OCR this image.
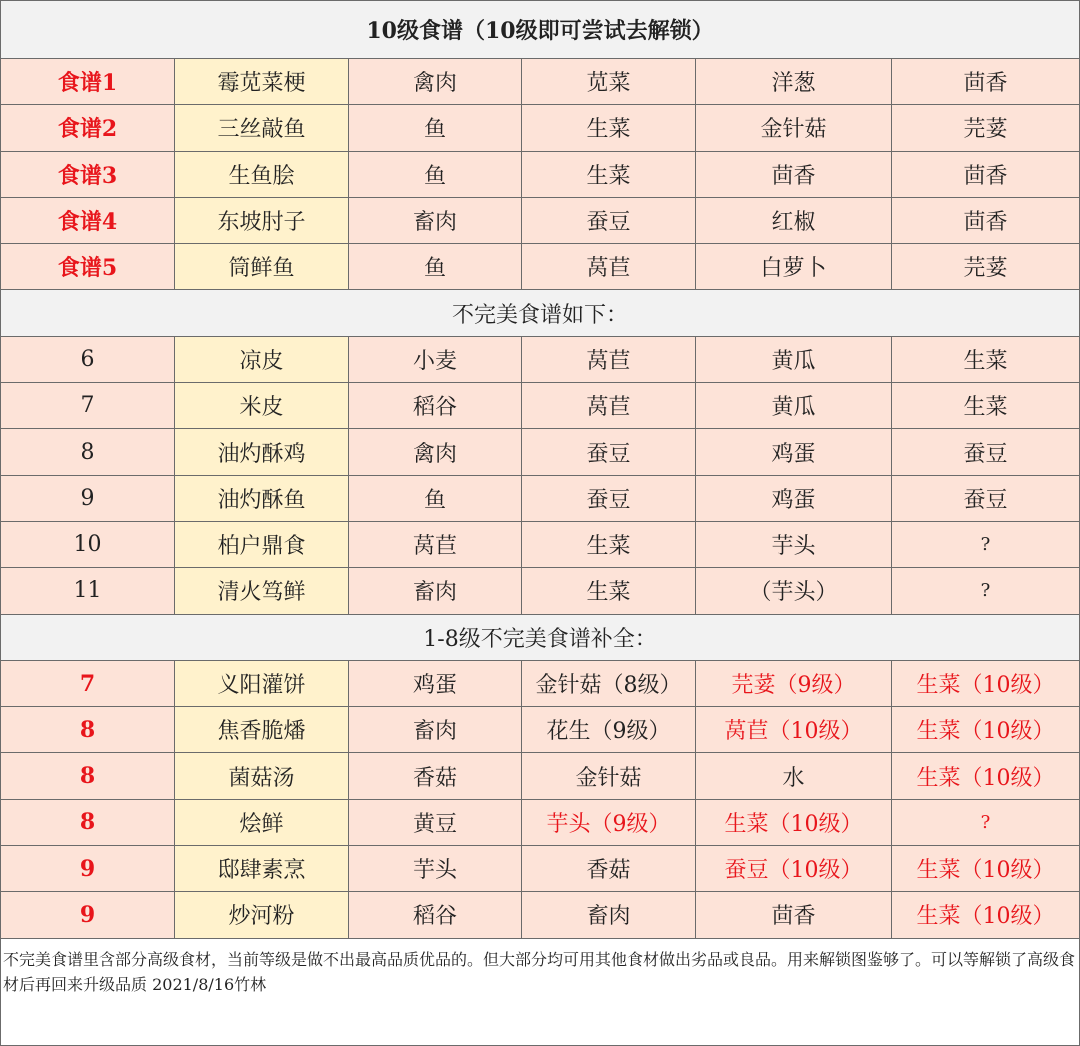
10级食谱（10级即可尝试去解锁）
食谱1	霉苋菜梗	禽肉	苋菜	洋葱	茴香
食谱2	三丝敲鱼	鱼	生菜	金针菇	芫荽
食谱3	生鱼脍	鱼	生菜	茴香	茴香
食谱4	东坡肘子	畜肉	蚕豆	红椒	茴香
食谱5	筒鲜鱼	鱼	莴苣	白萝卜	芫荽
不完美食谱如下：
6	凉皮	小麦	莴苣	黄瓜	生菜
7	米皮	稻谷	莴苣	黄瓜	生菜
8	油灼酥鸡	禽肉	蚕豆	鸡蛋	蚕豆
9	油灼酥鱼	鱼	蚕豆	鸡蛋	蚕豆
10	柏户鼎食	莴苣	生菜	芋头	?
11	清火笃鲜	畜肉	生菜	（芋头）	?
1-8级不完美食谱补全：
7	义阳灌饼	鸡蛋	金针菇（8级）	芫荽（9级）	生菜（10级）
8	焦香脆燔	畜肉	花生（9级）	莴苣（10级）	生菜（10级）
8	菌菇汤	香菇	金针菇	水	生菜（10级）
8	烩鲜	黄豆	芋头（9级）	生菜（10级）	?
9	邸肆素烹	芋头	香菇	蚕豆（10级）	生菜（10级）
9	炒河粉	稻谷	畜肉	茴香	生菜（10级）
不完美食谱里含部分高级食材，当前等级是做不出最高品质优品的。但大部分均可用其他食材做出劣品或良品。用来解锁图鉴够了。可以等解锁了高级食材后再回来升级品质 2021/8/16竹林
